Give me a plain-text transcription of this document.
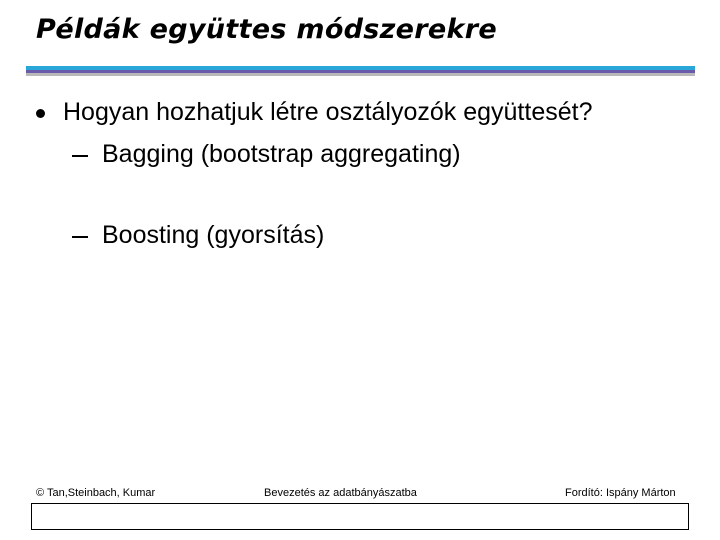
Példák együttes módszerekre
Hogyan hozhatjuk létre osztályozók együttesét?
Bagging (bootstrap aggregating)
Boosting (gyorsítás)
© Tan,Steinbach, Kumar	Bevezetés az adatbányászatba	Fordító: Ispány Márton
